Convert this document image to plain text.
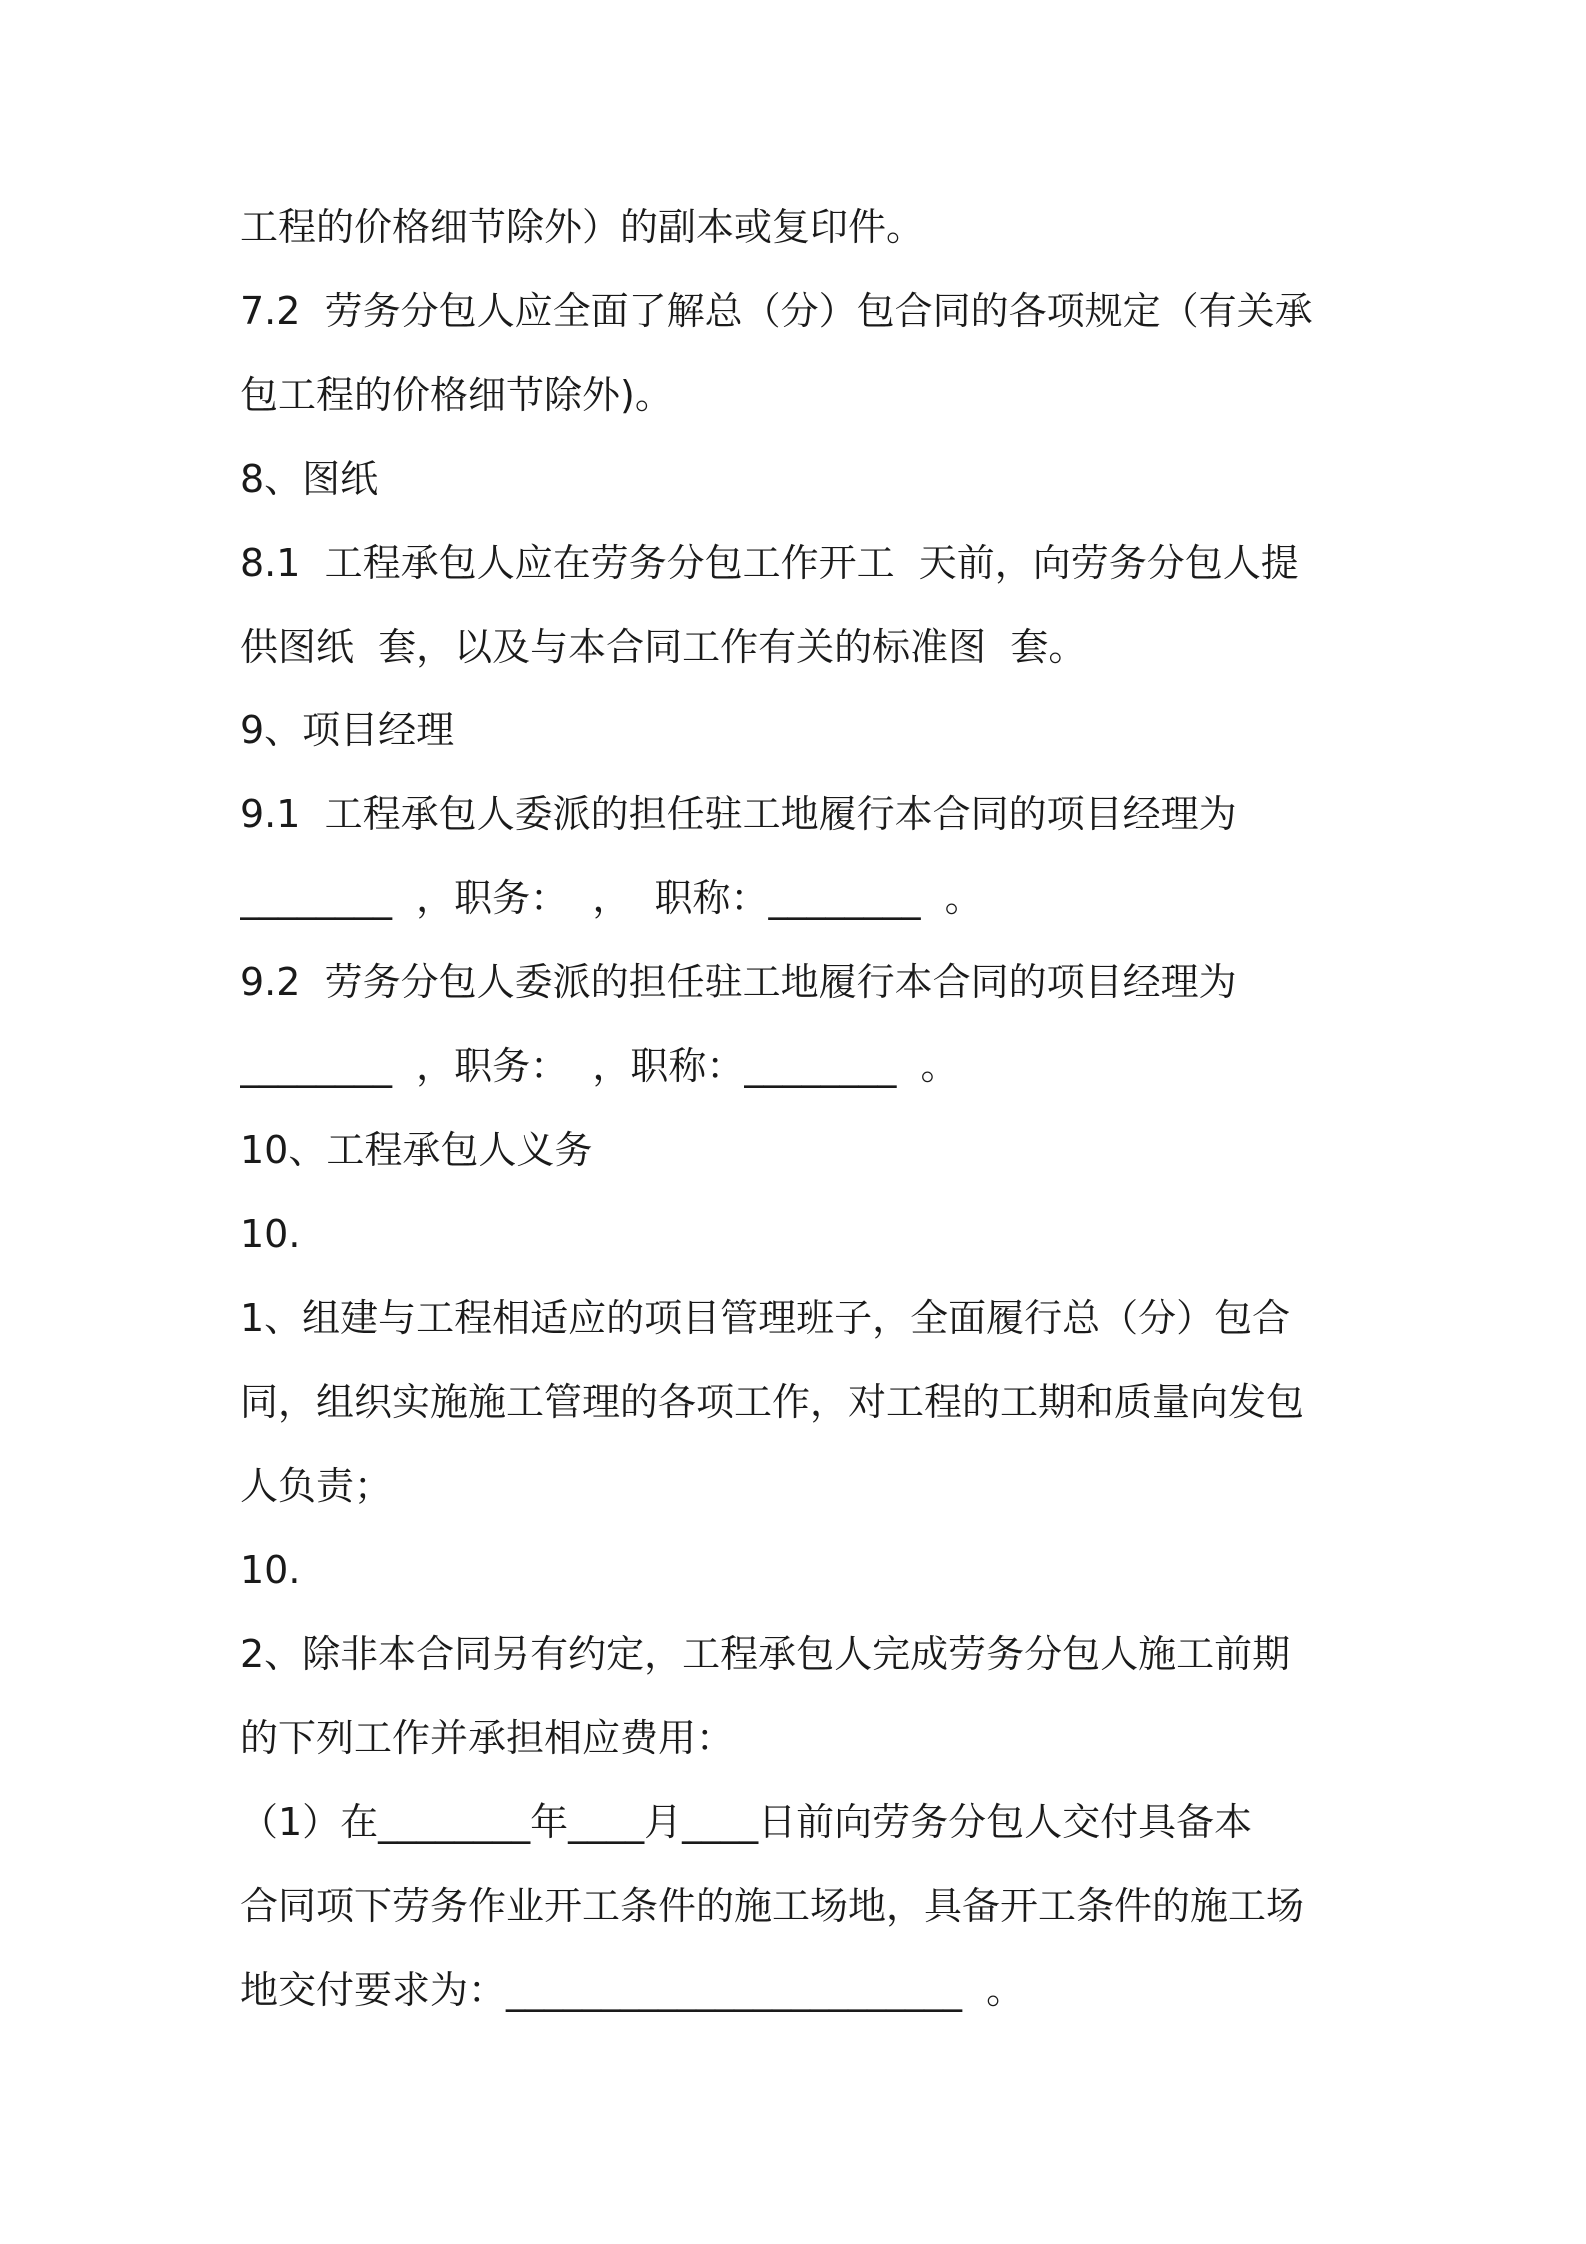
工程的价格细节除外）的副本或复印件。
7.2  劳务分包人应全面了解总（分）包合同的各项规定（有关承
包工程的价格细节除外)。
8、图纸
8.1  工程承包人应在劳务分包工作开工  天前，向劳务分包人提
供图纸  套，以及与本合同工作有关的标准图  套。
9、项目经理
9.1  工程承包人委派的担任驻工地履行本合同的项目经理为
________  ，职务：  ，  职称：________  。
9.2  劳务分包人委派的担任驻工地履行本合同的项目经理为
________  ，职务：  ，职称：________  。
10、工程承包人义务
10.
1、组建与工程相适应的项目管理班子，全面履行总（分）包合
同，组织实施施工管理的各项工作，对工程的工期和质量向发包
人负责；
10.
2、除非本合同另有约定，工程承包人完成劳务分包人施工前期
的下列工作并承担相应费用：
（1）在________年____月____日前向劳务分包人交付具备本
合同项下劳务作业开工条件的施工场地，具备开工条件的施工场
地交付要求为：________________________  。
